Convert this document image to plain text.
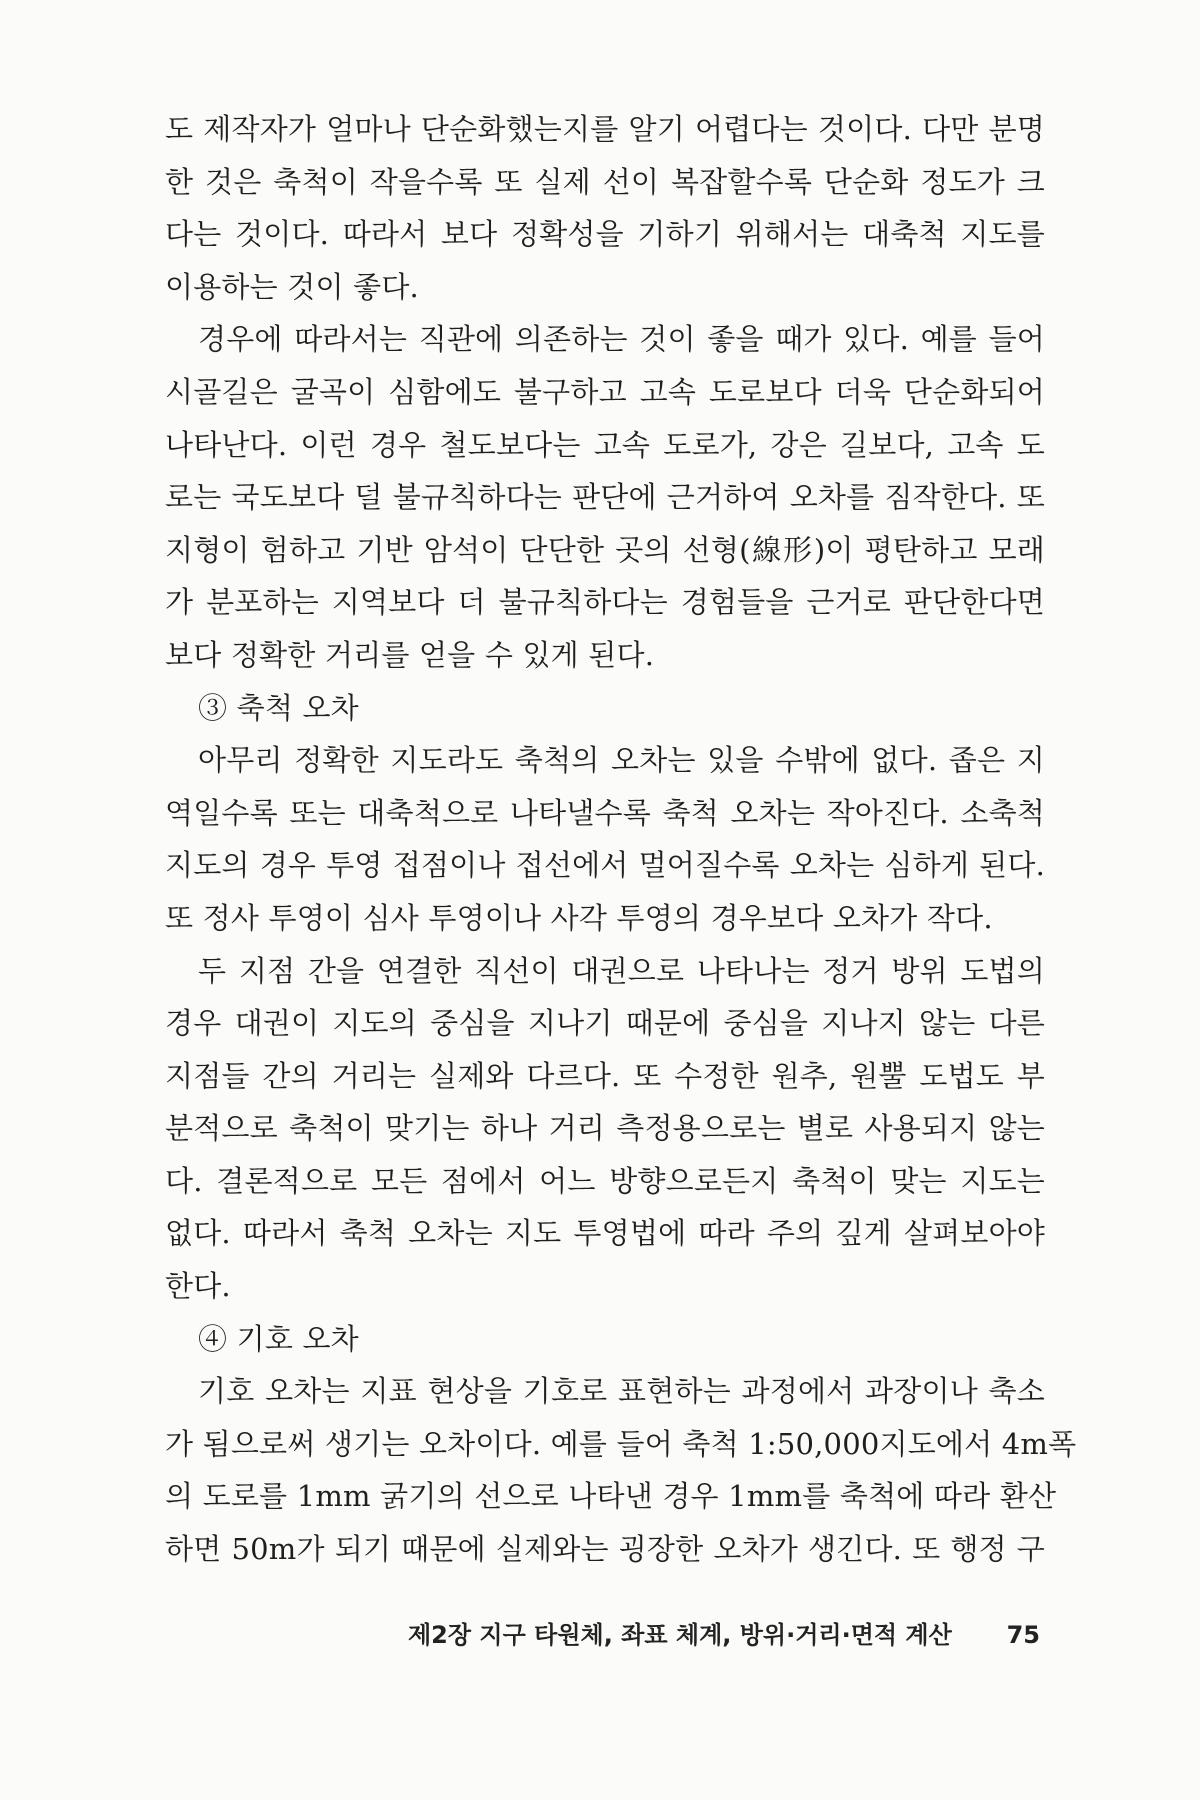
도 제작자가 얼마나 단순화했는지를 알기 어렵다는 것이다. 다만 분명
한 것은 축척이 작을수록 또 실제 선이 복잡할수록 단순화 정도가 크
다는 것이다. 따라서 보다 정확성을 기하기 위해서는 대축척 지도를
이용하는 것이 좋다.
경우에 따라서는 직관에 의존하는 것이 좋을 때가 있다. 예를 들어
시골길은 굴곡이 심함에도 불구하고 고속 도로보다 더욱 단순화되어
나타난다. 이런 경우 철도보다는 고속 도로가, 강은 길보다, 고속 도
로는 국도보다 덜 불규칙하다는 판단에 근거하여 오차를 짐작한다. 또
지형이 험하고 기반 암석이 단단한 곳의 선형(線形)이 평탄하고 모래
가 분포하는 지역보다 더 불규칙하다는 경험들을 근거로 판단한다면
보다 정확한 거리를 얻을 수 있게 된다.
③ 축척 오차
아무리 정확한 지도라도 축척의 오차는 있을 수밖에 없다. 좁은 지
역일수록 또는 대축척으로 나타낼수록 축척 오차는 작아진다. 소축척
지도의 경우 투영 접점이나 접선에서 멀어질수록 오차는 심하게 된다.
또 정사 투영이 심사 투영이나 사각 투영의 경우보다 오차가 작다.
두 지점 간을 연결한 직선이 대권으로 나타나는 정거 방위 도법의
경우 대권이 지도의 중심을 지나기 때문에 중심을 지나지 않는 다른
지점들 간의 거리는 실제와 다르다. 또 수정한 원추, 원뿔 도법도 부
분적으로 축척이 맞기는 하나 거리 측정용으로는 별로 사용되지 않는
다. 결론적으로 모든 점에서 어느 방향으로든지 축척이 맞는 지도는
없다. 따라서 축척 오차는 지도 투영법에 따라 주의 깊게 살펴보아야
한다.
④ 기호 오차
기호 오차는 지표 현상을 기호로 표현하는 과정에서 과장이나 축소
가 됨으로써 생기는 오차이다. 예를 들어 축척 1:50,000지도에서 4m폭
의 도로를 1mm 굵기의 선으로 나타낸 경우 1mm를 축척에 따라 환산
하면 50m가 되기 때문에 실제와는 굉장한 오차가 생긴다. 또 행정 구
제2장 지구 타원체, 좌표 체계, 방위·거리·면적 계산 75
